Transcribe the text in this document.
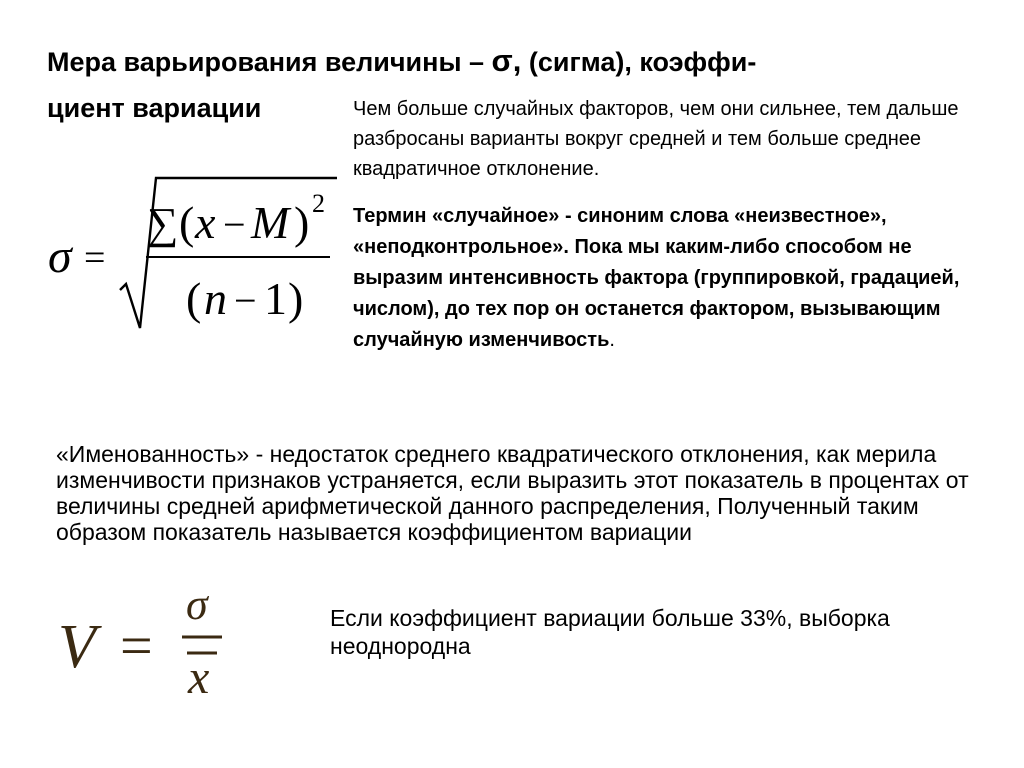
Мера варьирования величины – σ, (сигма), коэффи-
циент вариации	Чем больше случайных факторов, чем они сильнее, тем дальше разбросаны варианты вокруг средней и тем больше среднее квадратичное отклонение.
Термин «случайное» - синоним слова «неизвестное», «неподконтрольное». Пока мы каким-либо способом не выразим интенсивность фактора (группировкой, градацией, числом), до тех пор он останется фактором, вызывающим случайную изменчивость.
σ =
∑ ( x − M ) 2
( n − 1 )
«Именованность» - недостаток среднего квадратического отклонения, как мерила изменчивости признаков устраняется, если выразить этот показатель в процентах от величины средней арифметической данного распределения, Полученный таким образом показатель называется коэффициентом вариации
V =
σ
x
Если коэффициент вариации больше 33%, выборка неоднородна
